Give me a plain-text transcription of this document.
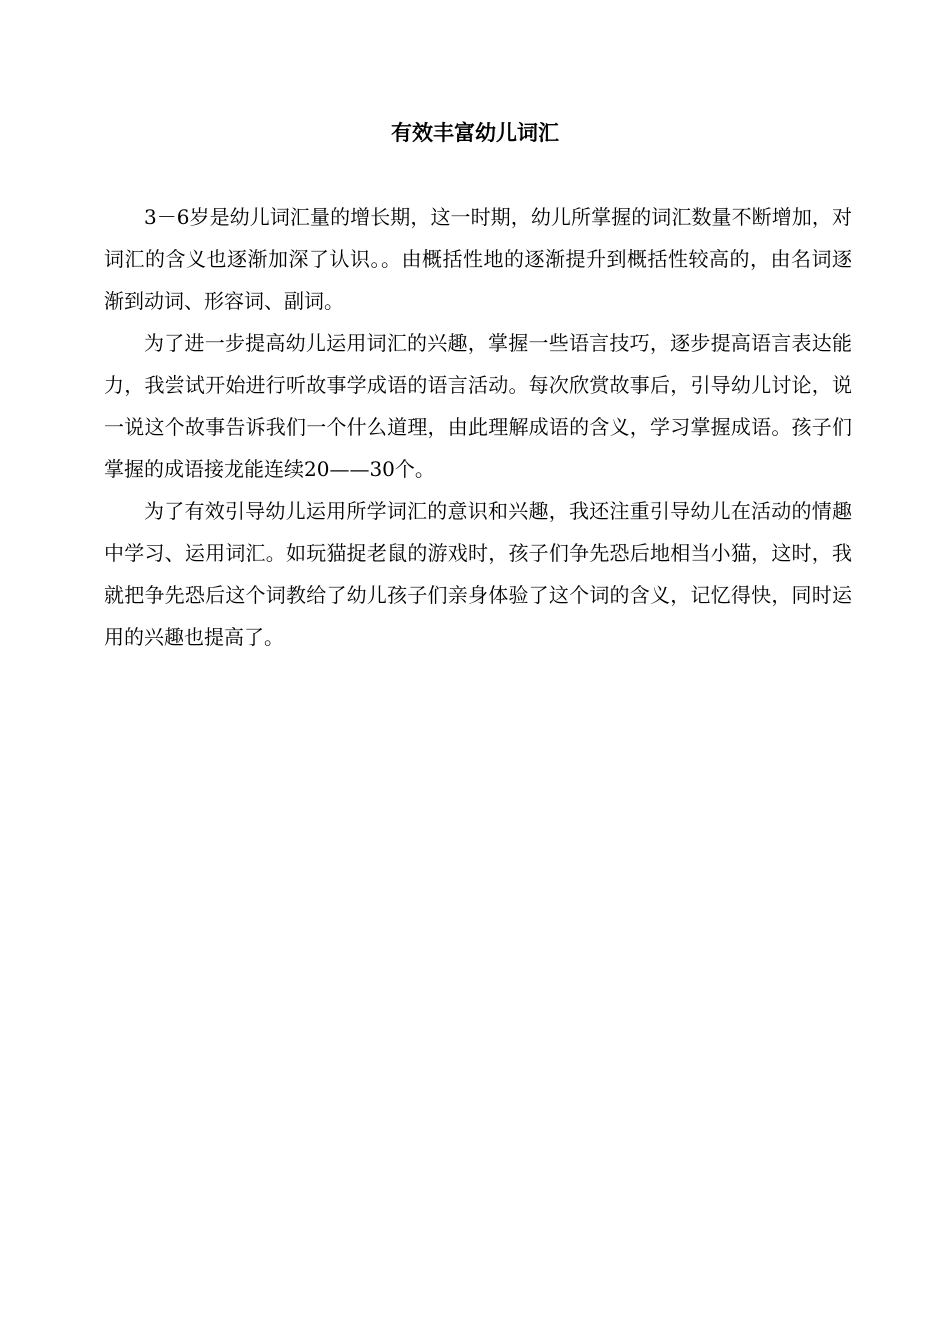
有效丰富幼儿词汇

3－6岁是幼儿词汇量的增长期，这一时期，幼儿所掌握的词汇数量不断增加，对词汇的含义也逐渐加深了认识。。由概括性地的逐渐提升到概括性较高的，由名词逐渐到动词、形容词、副词。

为了进一步提高幼儿运用词汇的兴趣，掌握一些语言技巧，逐步提高语言表达能力，我尝试开始进行听故事学成语的语言活动。每次欣赏故事后，引导幼儿讨论，说一说这个故事告诉我们一个什么道理，由此理解成语的含义，学习掌握成语。孩子们掌握的成语接龙能连续20——30个。

为了有效引导幼儿运用所学词汇的意识和兴趣，我还注重引导幼儿在活动的情趣中学习、运用词汇。如玩猫捉老鼠的游戏时，孩子们争先恐后地相当小猫，这时，我就把争先恐后这个词教给了幼儿孩子们亲身体验了这个词的含义，记忆得快，同时运用的兴趣也提高了。
